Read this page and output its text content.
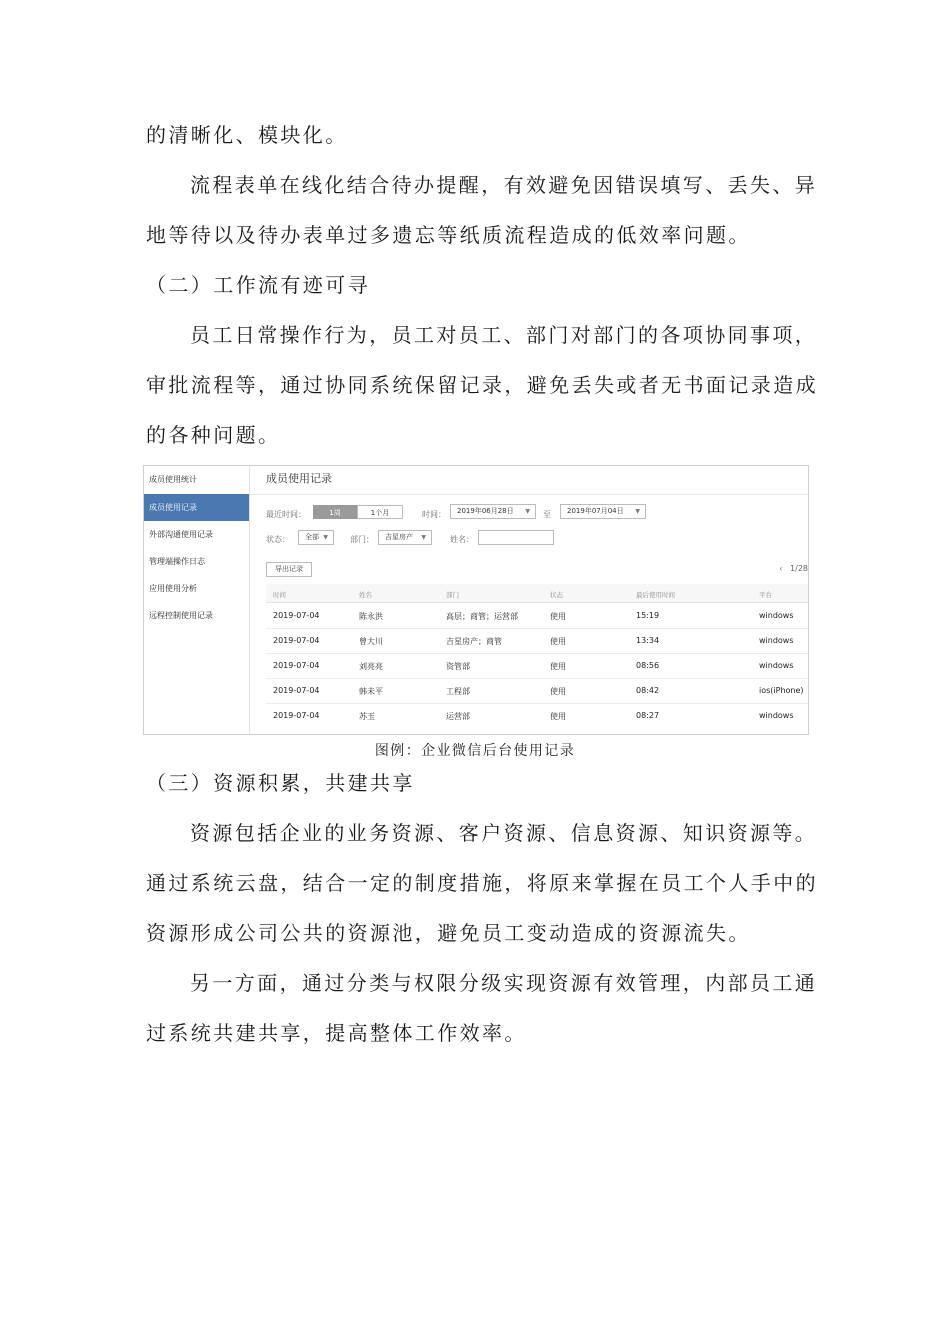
的清晰化、模块化。

流程表单在线化结合待办提醒，有效避免因错误填写、丢失、异

地等待以及待办表单过多遗忘等纸质流程造成的低效率问题。

（二）工作流有迹可寻

员工日常操作行为，员工对员工、部门对部门的各项协同事项，

审批流程等，通过协同系统保留记录，避免丢失或者无书面记录造成

的各种问题。

成员使用统计
成员使用记录
外部沟通使用记录
管理端操作日志
应用使用分析
远程控制使用记录
成员使用记录
最近时间：	1周	1个月	时间：	2019年06月28日 ▼ 至	2019年07月04日 ▼
状态：	全部 ▼	部门：	吉星房产 ▼	姓名：
导出记录	‹ 1/28
时间	姓名	部门	状态	最后使用时间	平台
2019-07-04	陈永洪	高层；商管；运营部	使用	15:19	windows
2019-07-04	曾大川	吉星房产；商管	使用	13:34	windows
2019-07-04	刘亮亮	资管部	使用	08:56	windows
2019-07-04	韩未平	工程部	使用	08:42	ios(iPhone)
2019-07-04	苏玉	运营部	使用	08:27	windows
图例：企业微信后台使用记录

（三）资源积累，共建共享

资源包括企业的业务资源、客户资源、信息资源、知识资源等。

通过系统云盘，结合一定的制度措施，将原来掌握在员工个人手中的

资源形成公司公共的资源池，避免员工变动造成的资源流失。

另一方面，通过分类与权限分级实现资源有效管理，内部员工通

过系统共建共享，提高整体工作效率。
